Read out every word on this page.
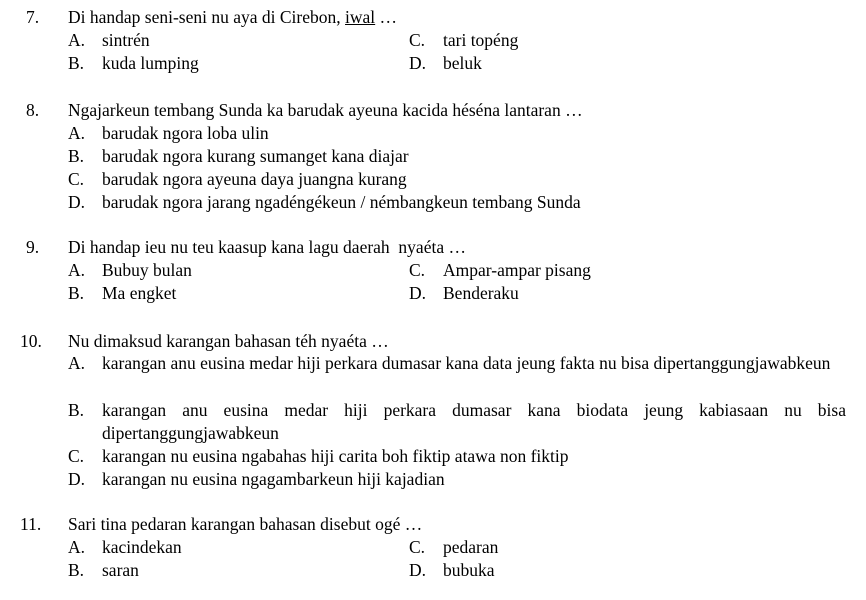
7. Di handap seni-seni nu aya di Cirebon, iwal …
A. sintrén
B. kuda lumping
C. tari topéng
D. beluk
8. Ngajarkeun tembang Sunda ka barudak ayeuna kacida héséna lantaran …
A. barudak ngora loba ulin
B. barudak ngora kurang sumanget kana diajar
C. barudak ngora ayeuna daya juangna kurang
D. barudak ngora jarang ngadéngékeun / némbangkeun tembang Sunda
9. Di handap ieu nu teu kaasup kana lagu daerah  nyaéta …
A. Bubuy bulan
B. Ma engket
C. Ampar-ampar pisang
D. Benderaku
10. Nu dimaksud karangan bahasan téh nyaéta …
A. karangan anu eusina medar hiji perkara dumasar kana data jeung fakta nu bisa dipertanggungjawabkeun
B. karangan anu eusina medar hiji perkara dumasar kana biodata jeung kabiasaan nu bisa dipertanggungjawabkeun
C. karangan nu eusina ngabahas hiji carita boh fiktip atawa non fiktip
D. karangan nu eusina ngagambarkeun hiji kajadian
11. Sari tina pedaran karangan bahasan disebut ogé …
A. kacindekan
B. saran
C. pedaran
D. bubuka
